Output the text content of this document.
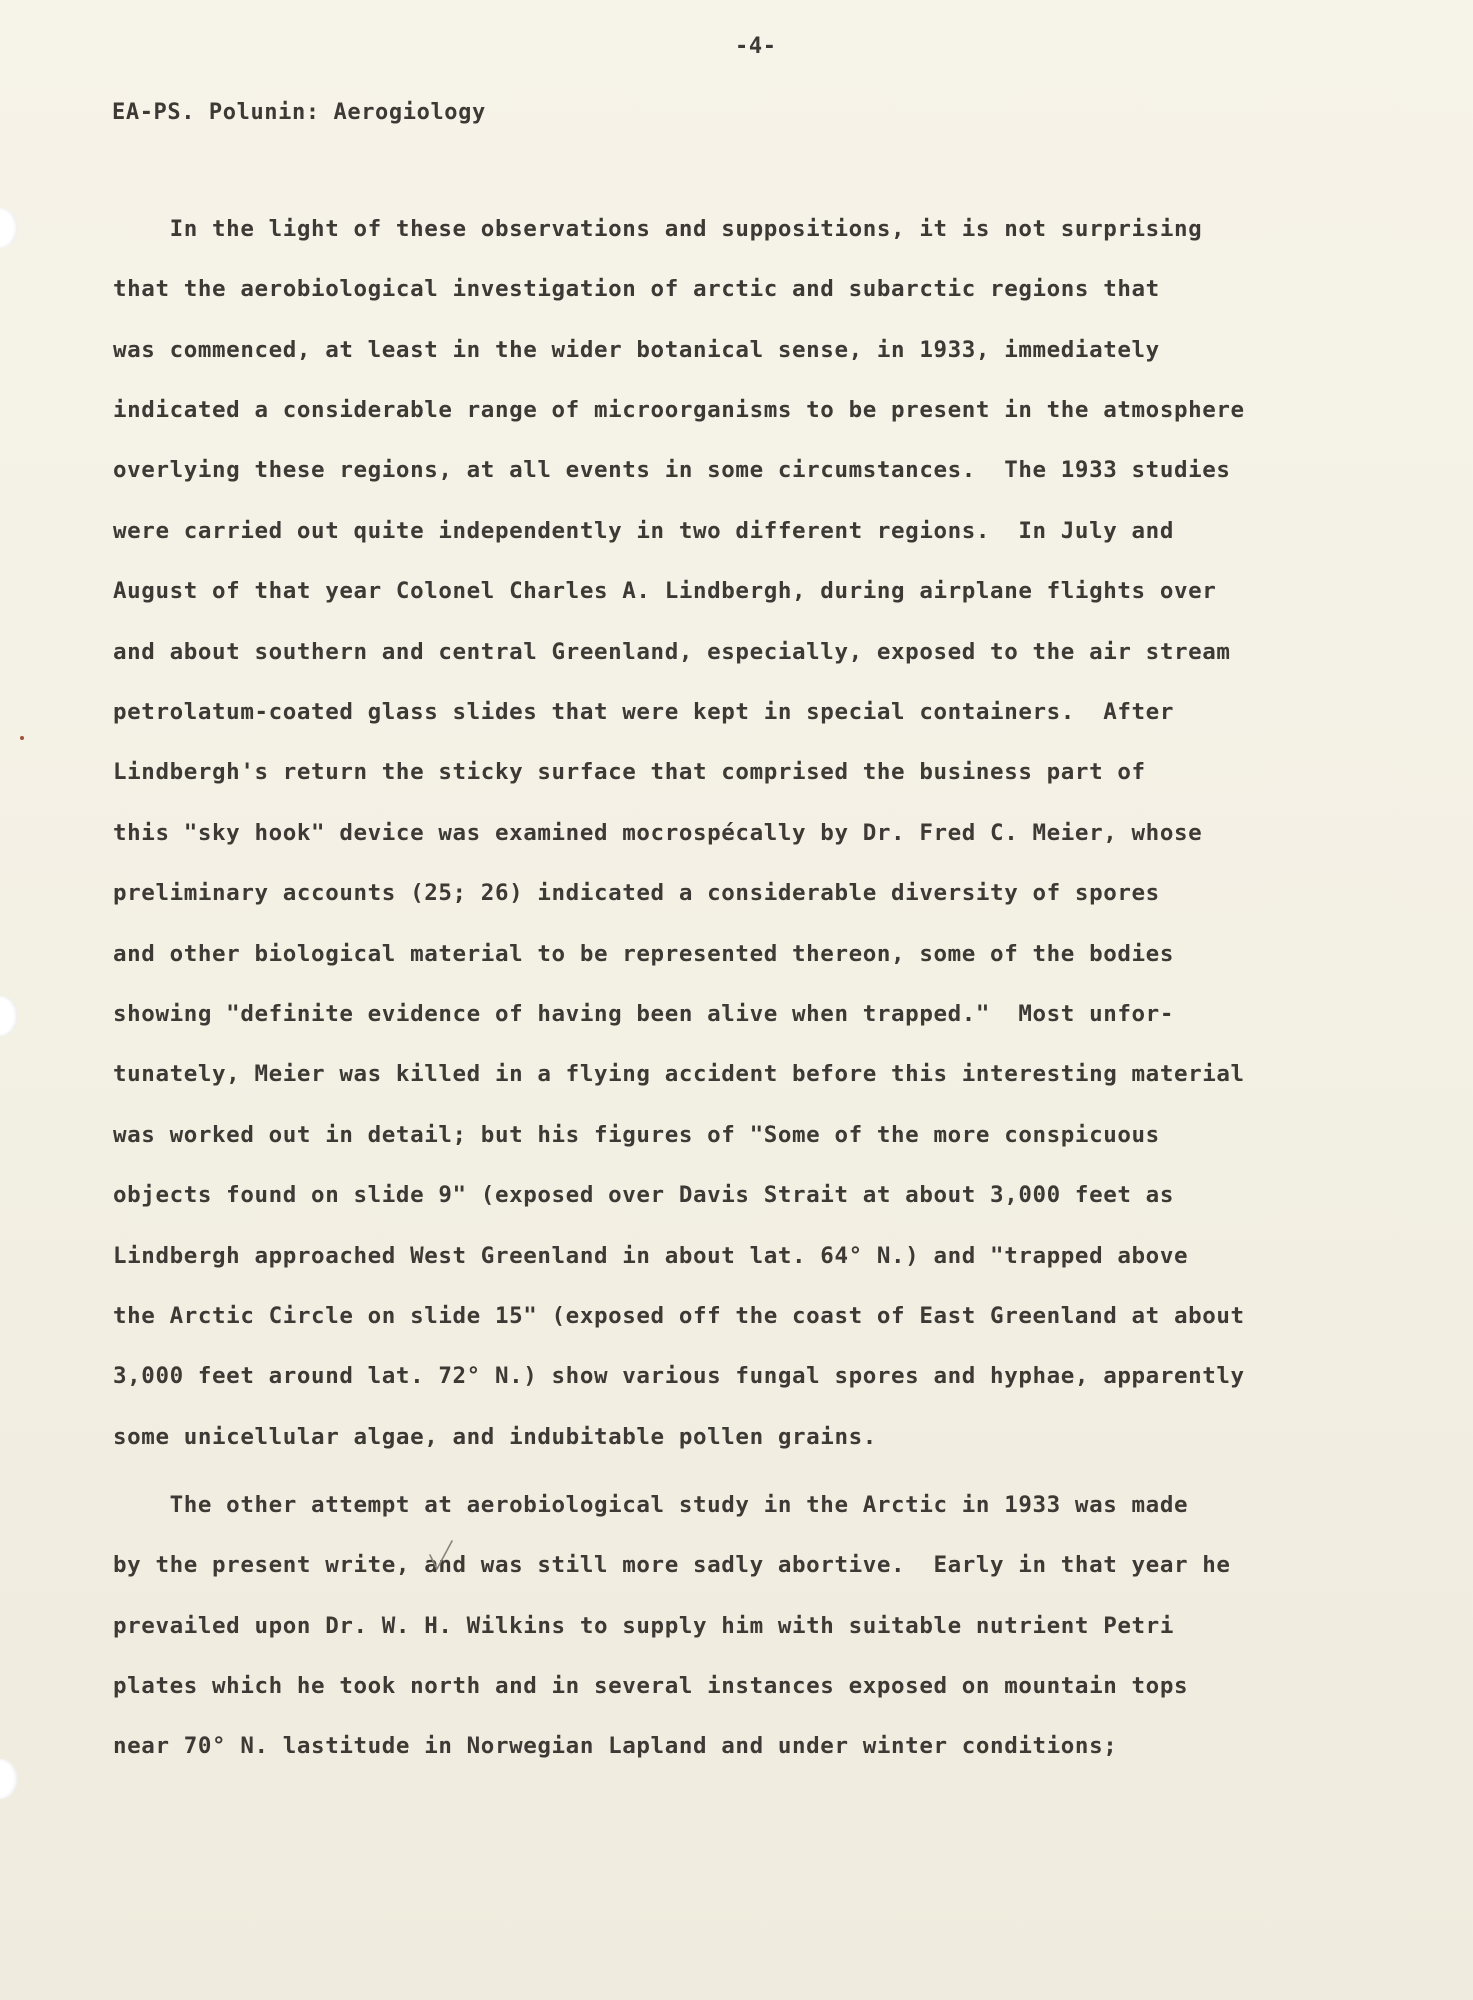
-4-
EA-PS. Polunin: Aerogiology
In the light of these observations and suppositions, it is not surprising
that the aerobiological investigation of arctic and subarctic regions that
was commenced, at least in the wider botanical sense, in 1933, immediately
indicated a considerable range of microorganisms to be present in the atmosphere
overlying these regions, at all events in some circumstances.  The 1933 studies
were carried out quite independently in two different regions.  In July and
August of that year Colonel Charles A. Lindbergh, during airplane flights over
and about southern and central Greenland, especially, exposed to the air stream
petrolatum-coated glass slides that were kept in special containers.  After
Lindbergh's return the sticky surface that comprised the business part of
this "sky hook" device was examined mocrospécally by Dr. Fred C. Meier, whose
preliminary accounts (25; 26) indicated a considerable diversity of spores
and other biological material to be represented thereon, some of the bodies
showing "definite evidence of having been alive when trapped."  Most unfor-
tunately, Meier was killed in a flying accident before this interesting material
was worked out in detail; but his figures of "Some of the more conspicuous
objects found on slide 9" (exposed over Davis Strait at about 3,000 feet as
Lindbergh approached West Greenland in about lat. 64° N.) and "trapped above
the Arctic Circle on slide 15" (exposed off the coast of East Greenland at about
3,000 feet around lat. 72° N.) show various fungal spores and hyphae, apparently
some unicellular algae, and indubitable pollen grains.
The other attempt at aerobiological study in the Arctic in 1933 was made
by the present write, and was still more sadly abortive.  Early in that year he
prevailed upon Dr. W. H. Wilkins to supply him with suitable nutrient Petri
plates which he took north and in several instances exposed on mountain tops
near 70° N. lastitude in Norwegian Lapland and under winter conditions;
